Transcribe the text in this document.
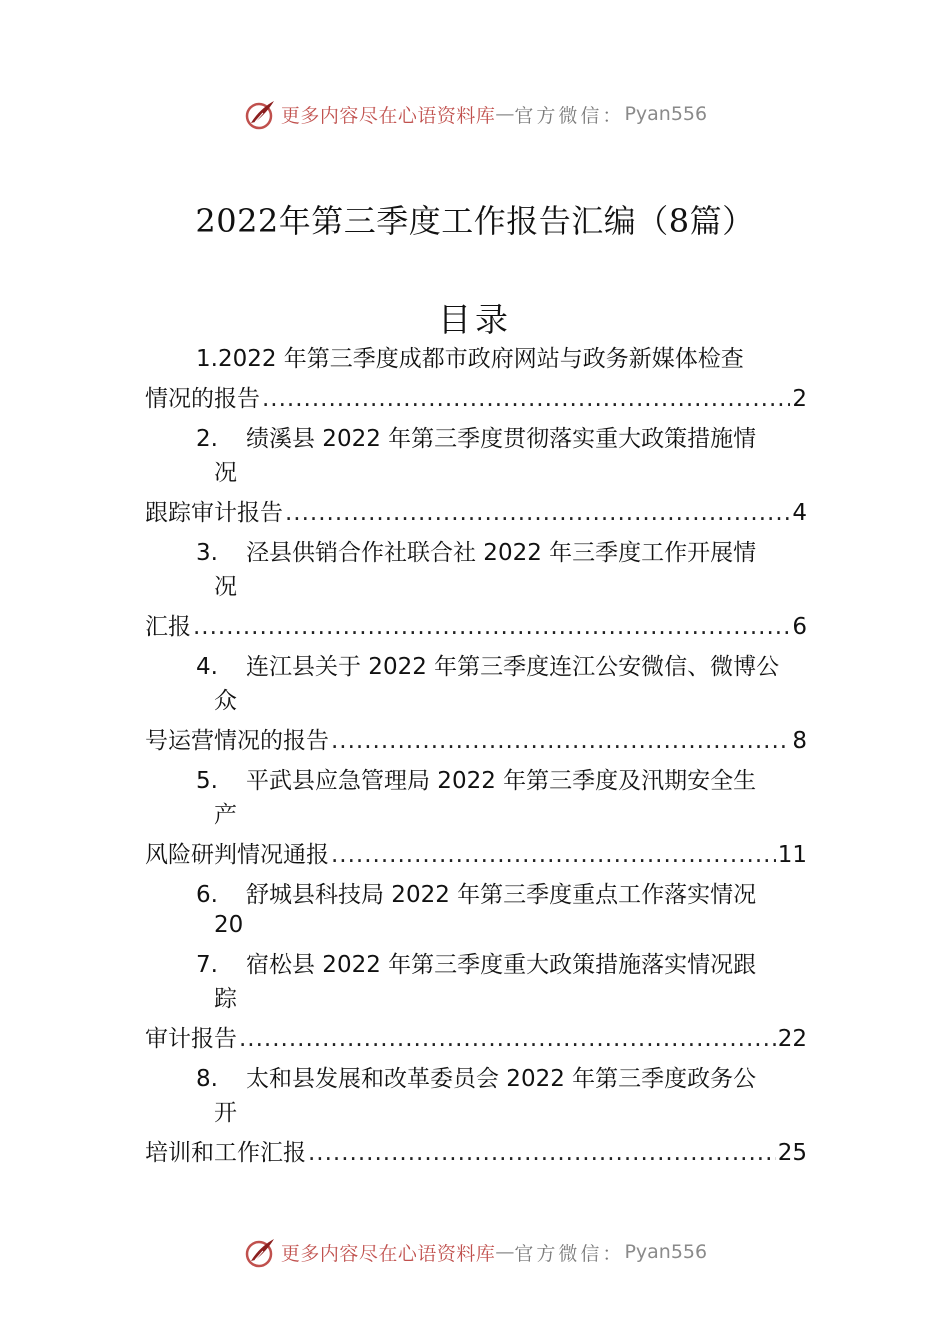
更多内容尽在心语资料库 — 官方微信： Pyan556
2022年第三季度工作报告汇编（8篇）
目录
1.2022 年第三季度成都市政府网站与政务新媒体检查
情况的报告 .....	2
2. 绩溪县 2022 年第三季度贯彻落实重大政策措施情
况
跟踪审计报告 .....	4
3. 泾县供销合作社联合社 2022 年三季度工作开展情
况
汇报 .....	6
4. 连江县关于 2022 年第三季度连江公安微信、微博公
众
号运营情况的报告 .....	8
5. 平武县应急管理局 2022 年第三季度及汛期安全生
产
风险研判情况通报 .....	11
6. 舒城县科技局 2022 年第三季度重点工作落实情况
20
7. 宿松县 2022 年第三季度重大政策措施落实情况跟
踪
审计报告 .....	22
8. 太和县发展和改革委员会 2022 年第三季度政务公
开
培训和工作汇报 .....	25
更多内容尽在心语资料库 — 官方微信： Pyan556
